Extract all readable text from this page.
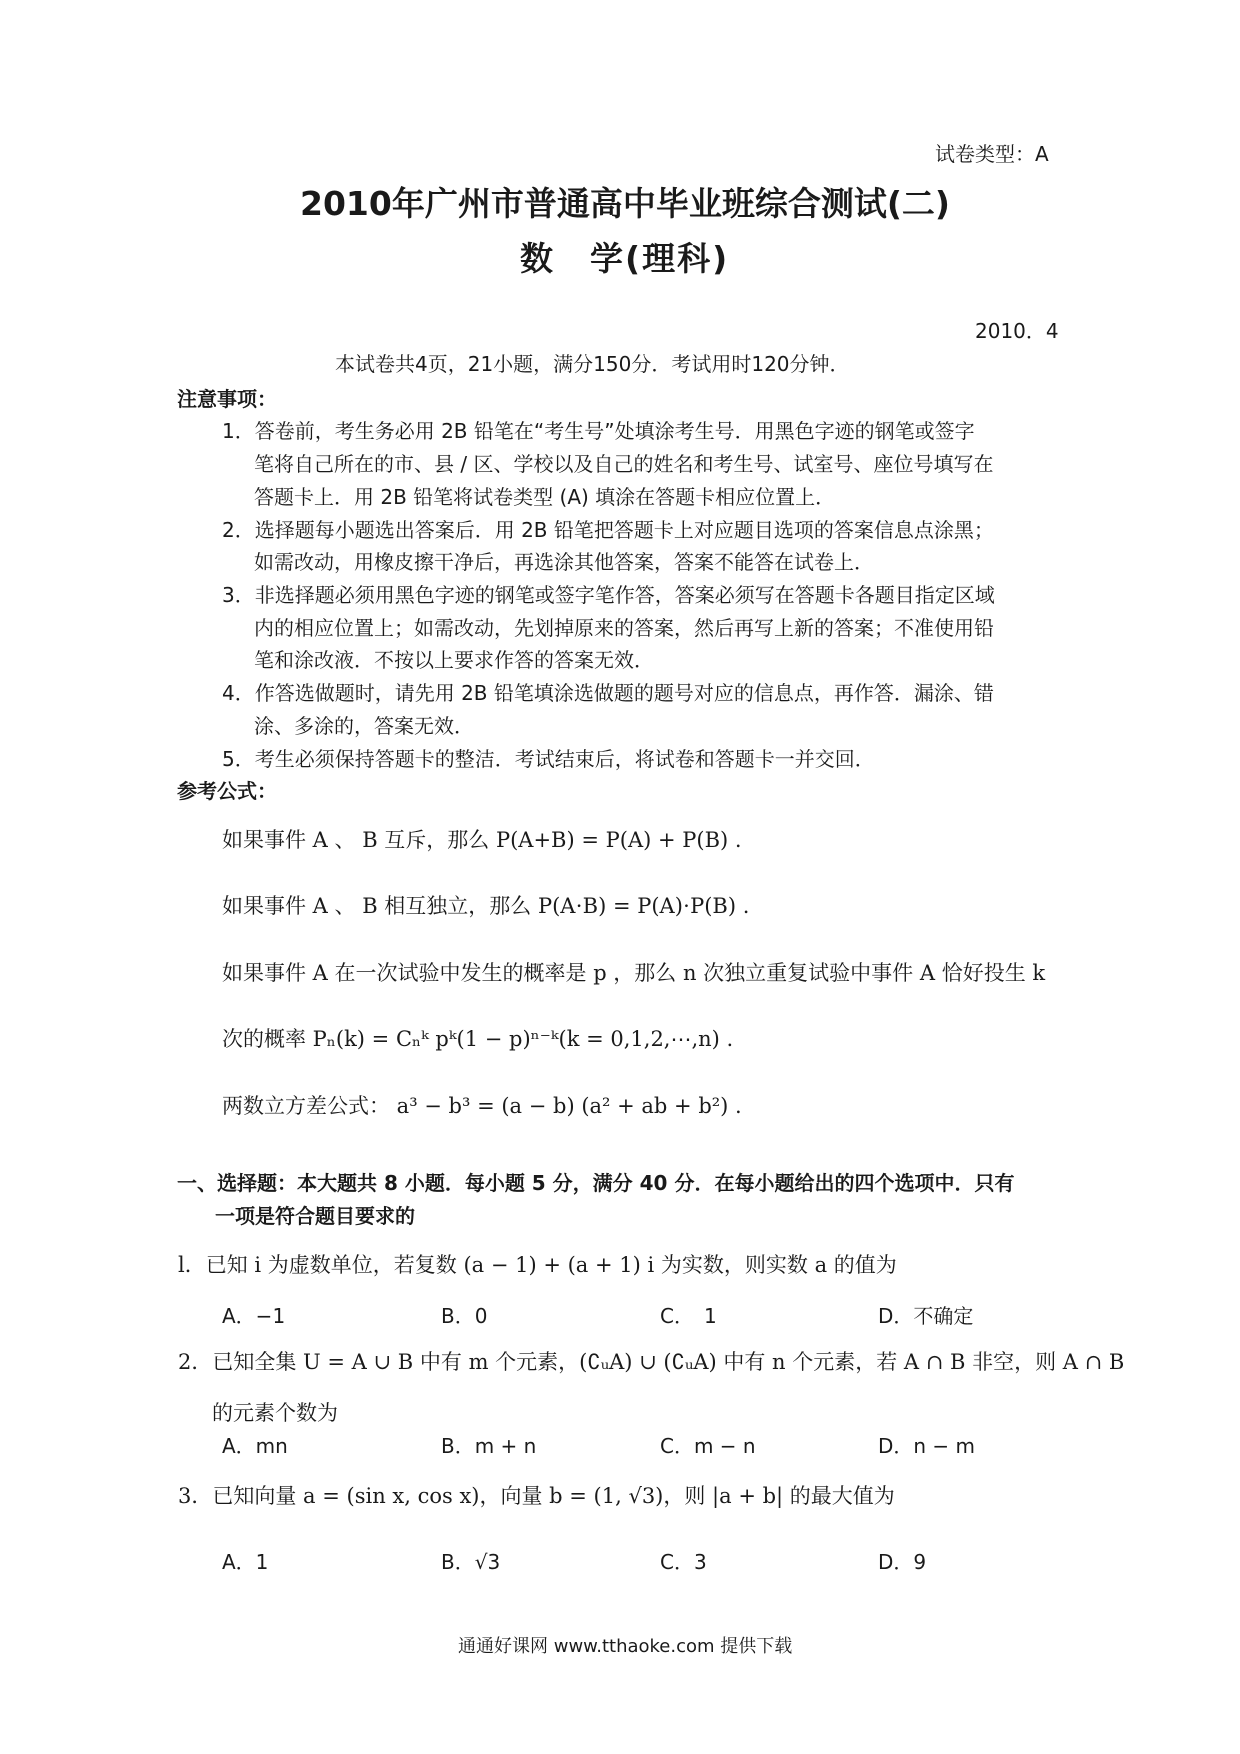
试卷类型：A
2010年广州市普通高中毕业班综合测试(二)
数　学(理科)
2010．4
本试卷共4页，21小题，满分150分．考试用时120分钟．
注意事项：
1．答卷前，考生务必用 2B 铅笔在“考生号”处填涂考生号．用黑色字迹的钢笔或签字
笔将自己所在的市、县 / 区、学校以及自己的姓名和考生号、试室号、座位号填写在
答题卡上．用 2B 铅笔将试卷类型 (A) 填涂在答题卡相应位置上．
2．选择题每小题选出答案后．用 2B 铅笔把答题卡上对应题目选项的答案信息点涂黑；
如需改动，用橡皮擦干净后，再选涂其他答案，答案不能答在试卷上．
3．非选择题必须用黑色字迹的钢笔或签字笔作答，答案必须写在答题卡各题目指定区域
内的相应位置上；如需改动，先划掉原来的答案，然后再写上新的答案；不准使用铅
笔和涂改液．不按以上要求作答的答案无效．
4．作答选做题时，请先用 2B 铅笔填涂选做题的题号对应的信息点，再作答．漏涂、错
涂、多涂的，答案无效．
5．考生必须保持答题卡的整洁．考试结束后，将试卷和答题卡一并交回．
参考公式：
如果事件 A 、 B 互斥，那么 P(A+B) = P(A) + P(B) .
如果事件 A 、 B 相互独立，那么 P(A⋅B) = P(A)⋅P(B) .
如果事件 A 在一次试验中发生的概率是 p ，那么 n 次独立重复试验中事件 A 恰好投生 k
次的概率 Pₙ(k) = Cₙᵏ pᵏ(1 − p)ⁿ⁻ᵏ(k = 0,1,2,⋯,n) .
两数立方差公式： a³ − b³ = (a − b) (a² + ab + b²) .
一、选择题：本大题共 8 小题．每小题 5 分，满分 40 分．在每小题给出的四个选项中．只有
一项是符合题目要求的
l．已知 i 为虚数单位，若复数 (a − 1) + (a + 1) i 为实数，则实数 a 的值为
A．−1	B．0	C．　1	D．不确定
2．已知全集 U = A ∪ B 中有 m 个元素，(∁ᵤA) ∪ (∁ᵤA) 中有 n 个元素，若 A ∩ B 非空，则 A ∩ B
的元素个数为
A．mn	B．m + n	C．m − n	D．n − m
3．已知向量 a = (sin x, cos x)，向量 b = (1, √3)，则 |a + b| 的最大值为
A．1	B．√3	C．3	D．9
通通好课网 www.tthaoke.com 提供下载
